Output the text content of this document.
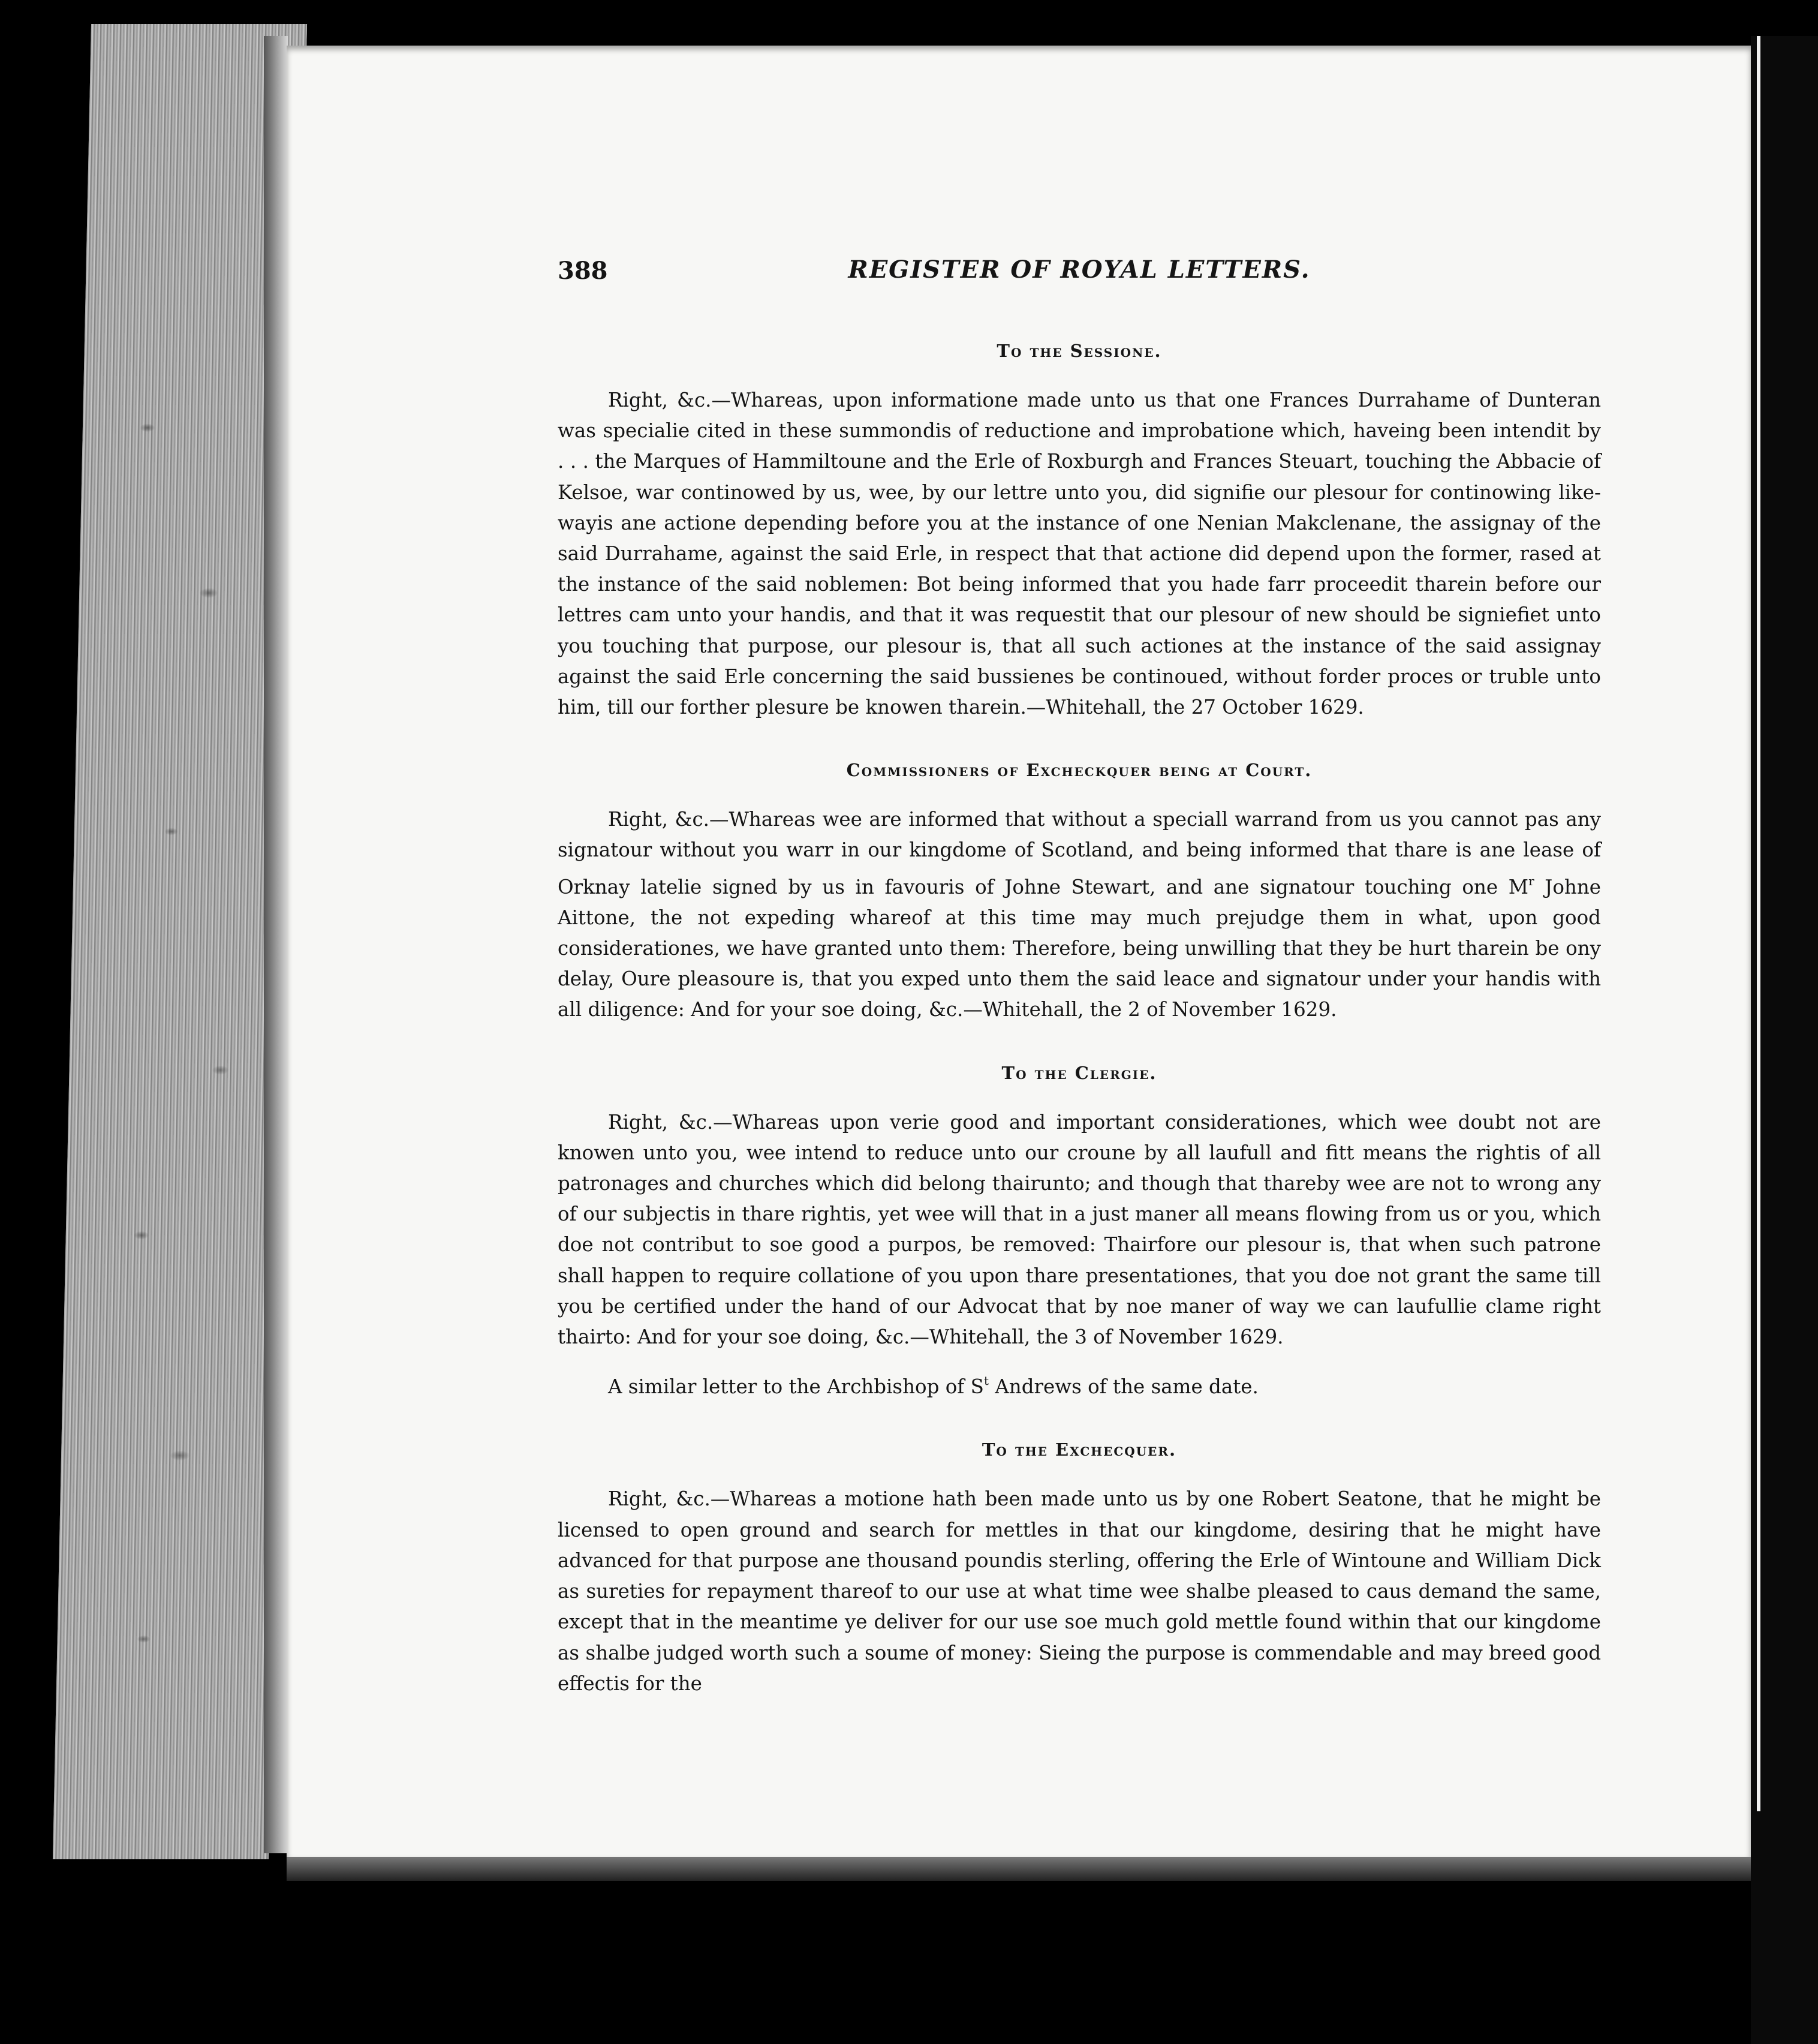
388	REGISTER OF ROYAL LETTERS.
To the Sessione.

Right, &c.—Whareas, upon informatione made unto us that one Frances Durrahame of Dunteran was specialie cited in these summondis of reductione and improbatione which, haveing been intendit by . . . the Marques of Hammiltoune and the Erle of Roxburgh and Frances Steuart, touching the Abbacie of Kelsoe, war continowed by us, wee, by our lettre unto you, did signifie our plesour for continowing like-wayis ane actione depending before you at the instance of one Nenian Makclenane, the assignay of the said Durrahame, against the said Erle, in respect that that actione did depend upon the former, rased at the instance of the said noblemen: Bot being informed that you hade farr proceedit tharein before our lettres cam unto your handis, and that it was requestit that our plesour of new should be signiefiet unto you touching that purpose, our plesour is, that all such actiones at the instance of the said assignay against the said Erle concerning the said bussienes be continoued, without forder proces or truble unto him, till our forther plesure be knowen tharein.—Whitehall, the 27 October 1629.

Commissioners of Excheckquer being at Court.

Right, &c.—Whareas wee are informed that without a speciall warrand from us you cannot pas any signatour without you warr in our kingdome of Scotland, and being informed that thare is ane lease of Orknay latelie signed by us in favouris of Johne Stewart, and ane signatour touching one $M^r$ Johne Aittone, the not expeding whareof at this time may much prejudge them in what, upon good considerationes, we have granted unto them: Therefore, being unwilling that they be hurt tharein be ony delay, Oure pleasoure is, that you exped unto them the said leace and signatour under your handis with all diligence: And for your soe doing, &c.—Whitehall, the 2 of November 1629.

To the Clergie.

Right, &c.—Whareas upon verie good and important considerationes, which wee doubt not are knowen unto you, wee intend to reduce unto our croune by all laufull and fitt means the rightis of all patronages and churches which did belong thairunto; and though that thareby wee are not to wrong any of our subjectis in thare rightis, yet wee will that in a just maner all means flowing from us or you, which doe not contribut to soe good a purpos, be removed: Thairfore our plesour is, that when such patrone shall happen to require collatione of you upon thare presentationes, that you doe not grant the same till you be certified under the hand of our Advocat that by noe maner of way we can laufullie clame right thairto: And for your soe doing, &c.—Whitehall, the 3 of November 1629.

A similar letter to the Archbishop of $S^t$ Andrews of the same date.

To the Exchecquer.

Right, &c.—Whareas a motione hath been made unto us by one Robert Seatone, that he might be licensed to open ground and search for mettles in that our kingdome, desiring that he might have advanced for that purpose ane thousand poundis sterling, offering the Erle of Wintoune and William Dick as sureties for repayment thareof to our use at what time wee shalbe pleased to caus demand the same, except that in the meantime ye deliver for our use soe much gold mettle found within that our kingdome as shalbe judged worth such a soume of money: Sieing the purpose is commendable and may breed good effectis for the
